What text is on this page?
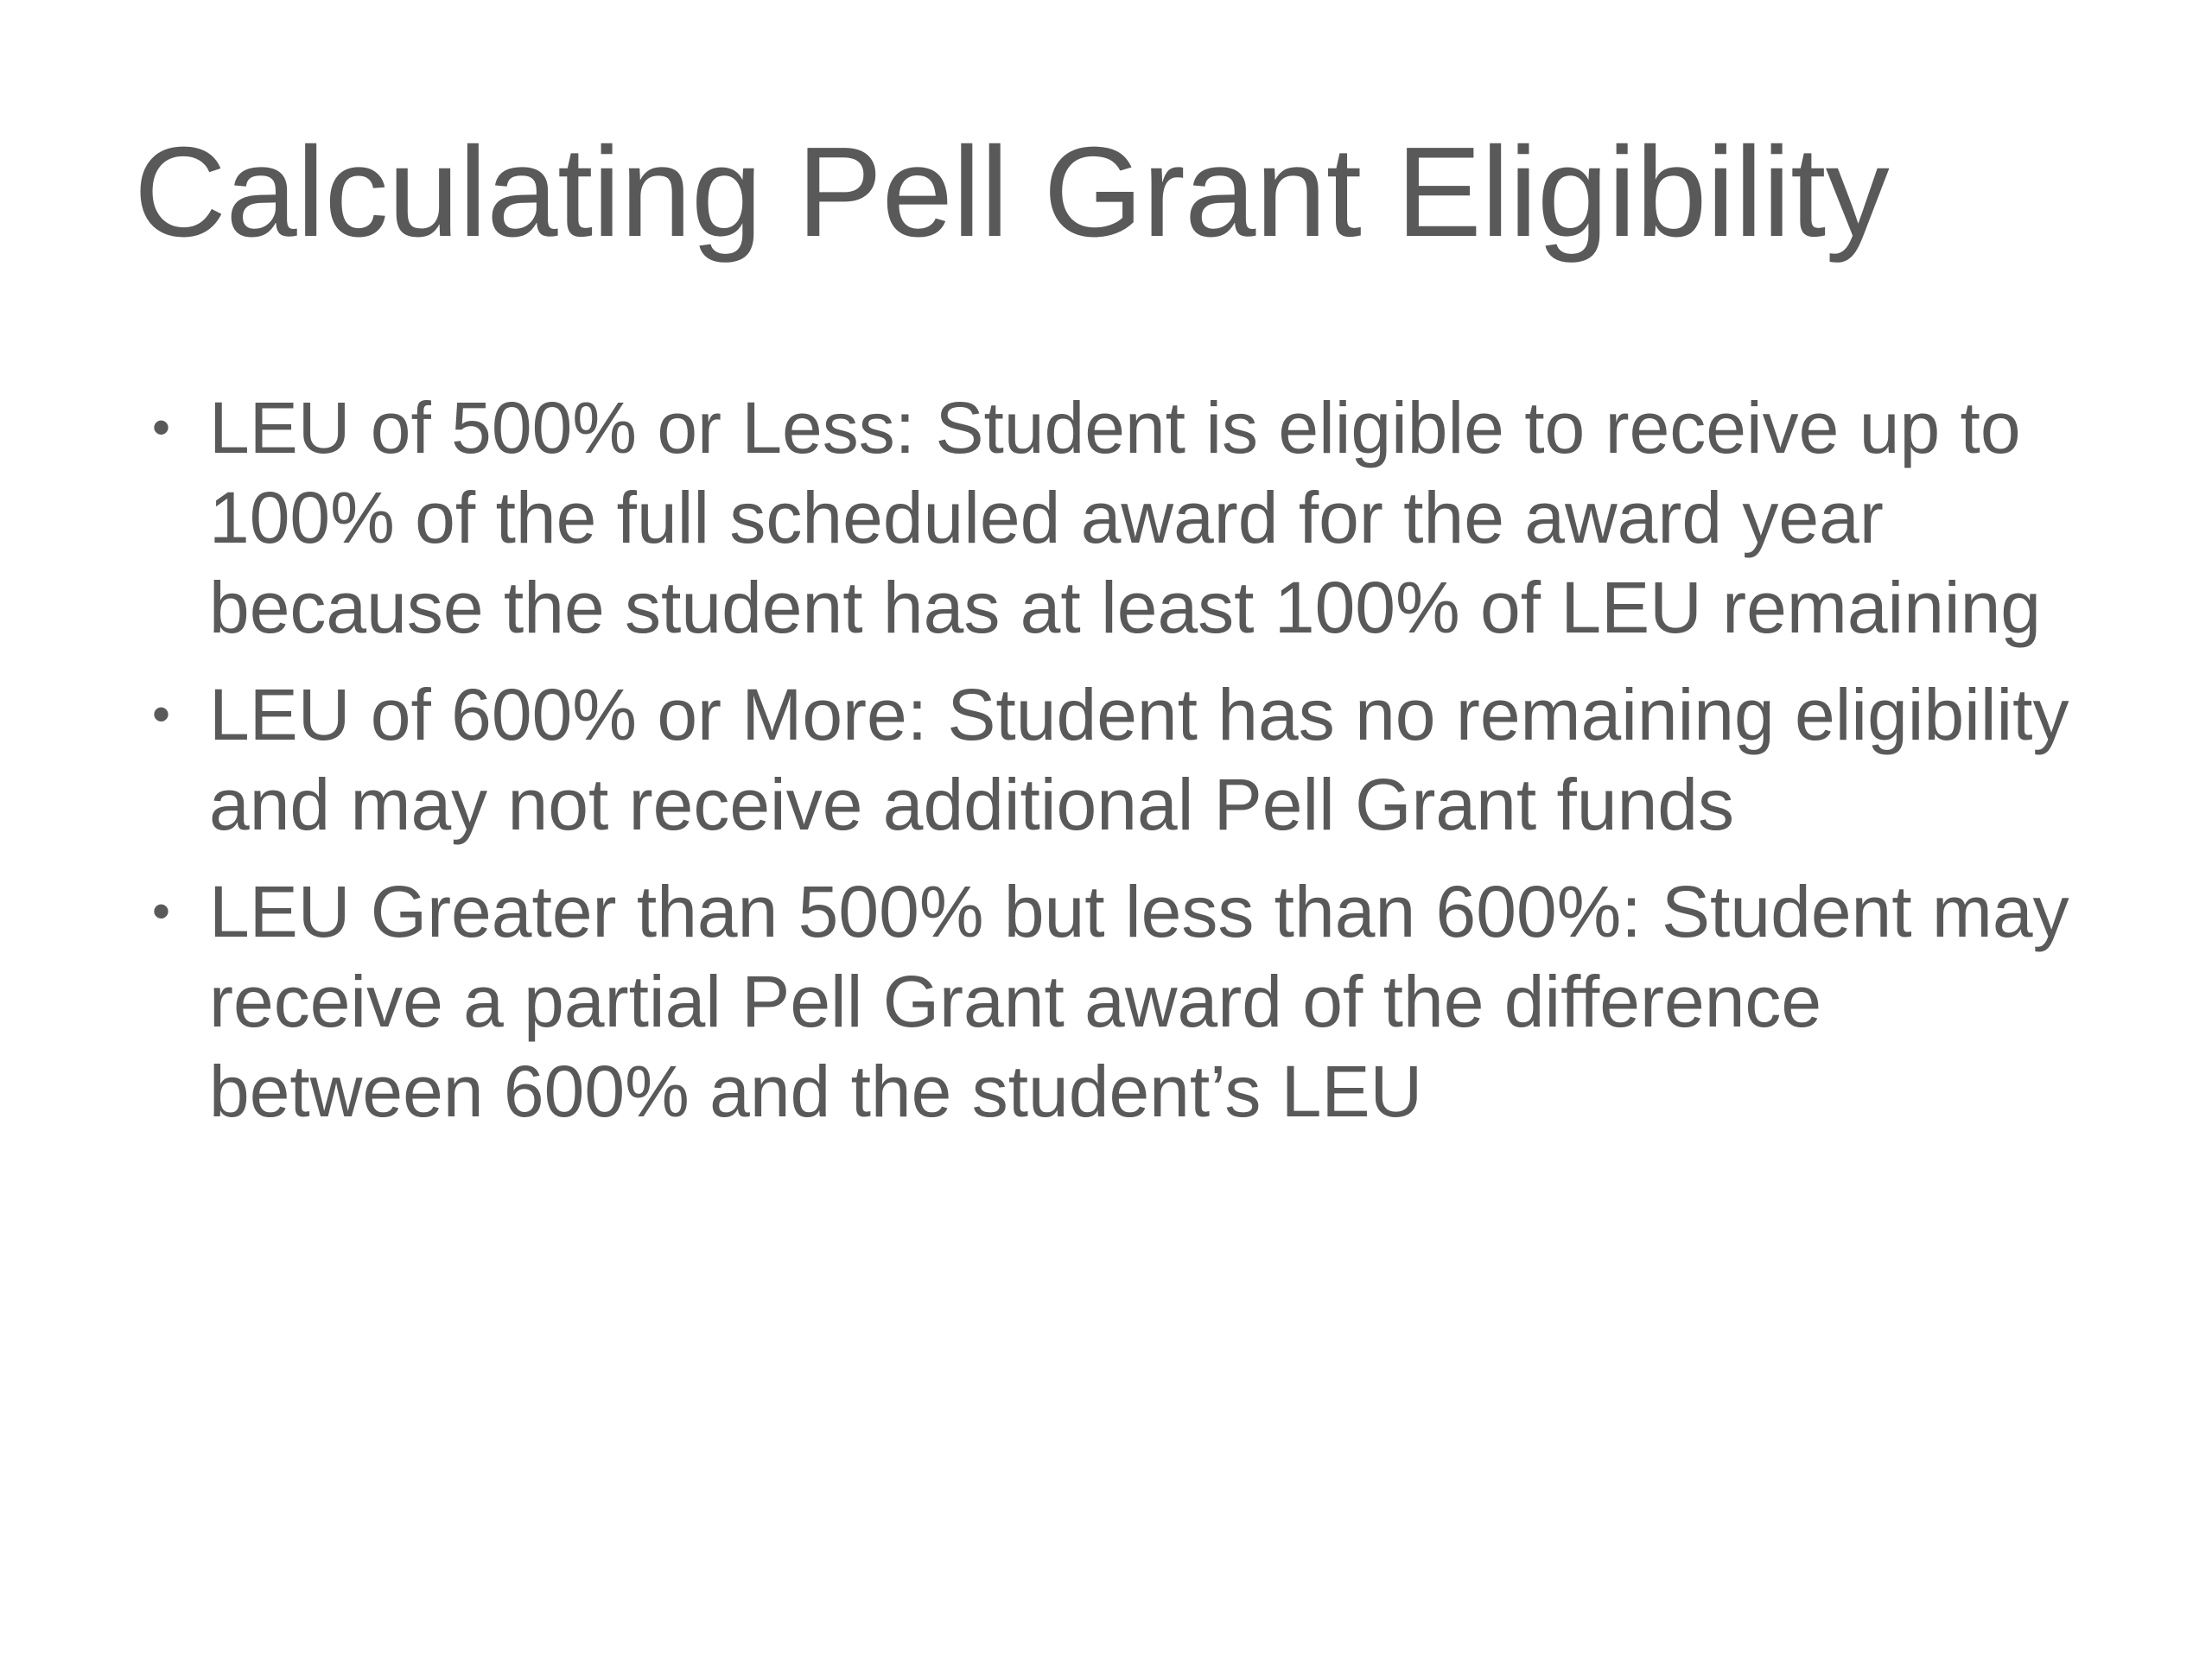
Calculating Pell Grant Eligibility
• LEU of 500% or Less: Student is eligible to receive up to 100% of the full scheduled award for the award year because the student has at least 100% of LEU remaining
• LEU of 600% or More: Student has no remaining eligibility and may not receive additional Pell Grant funds
• LEU Greater than 500% but less than 600%: Student may receive a partial Pell Grant award of the difference between 600% and the student’s LEU
